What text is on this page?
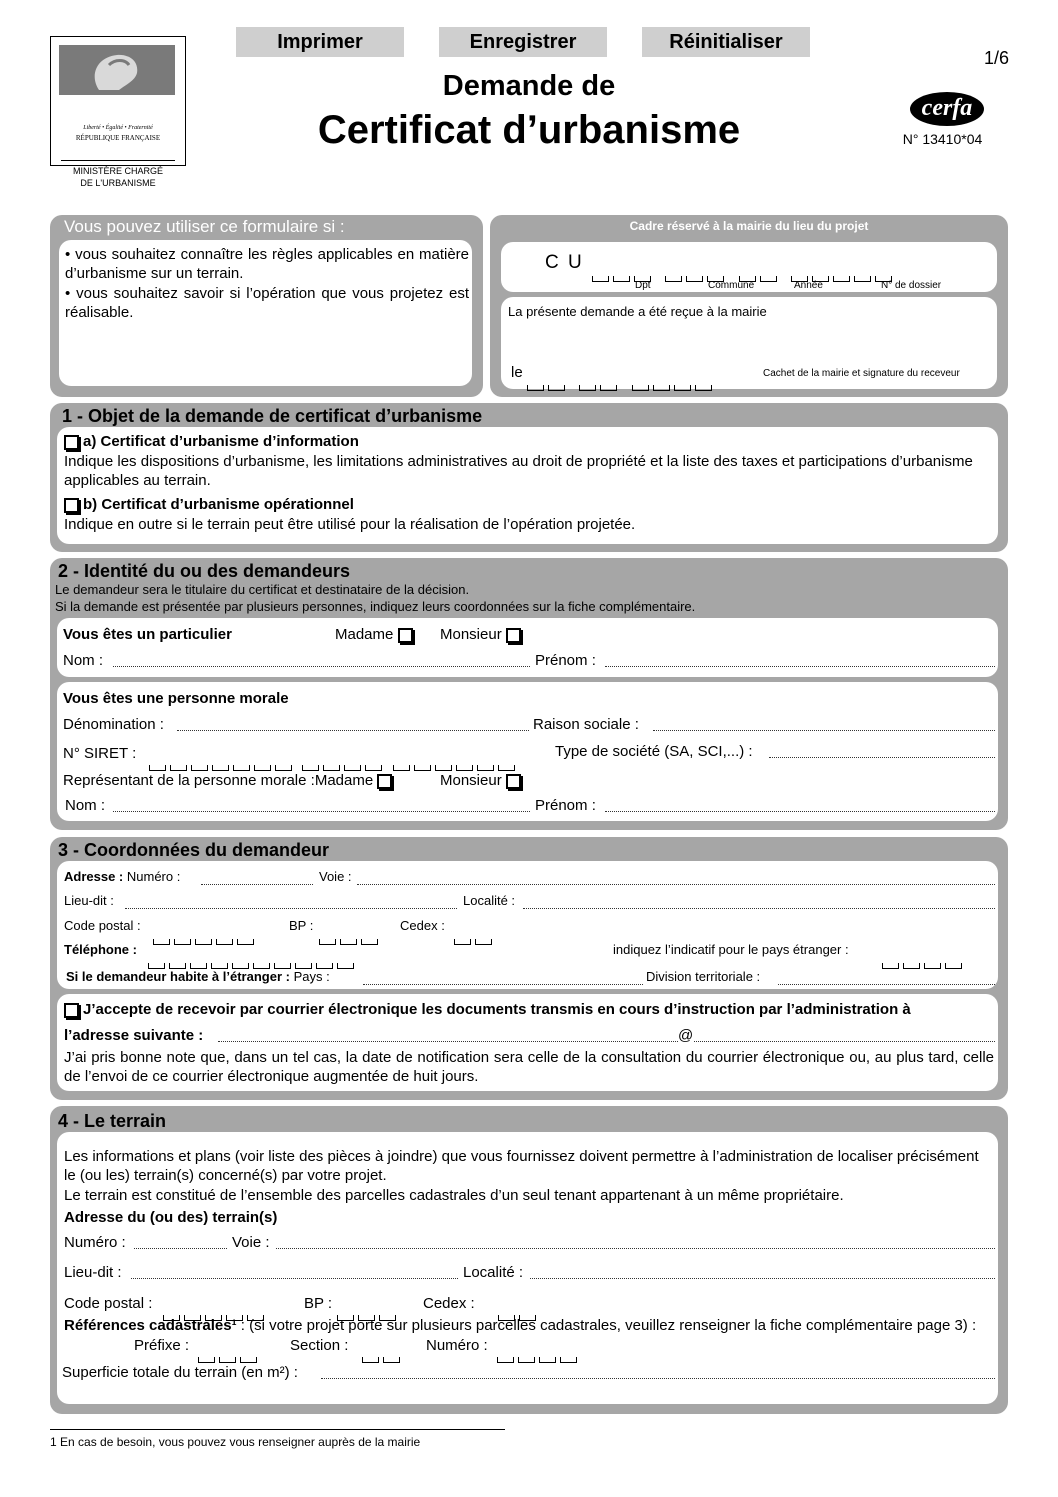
Liberté • Égalité • Fraternité
RÉPUBLIQUE FRANÇAISE
MINISTÈRE CHARGÉ
DE L'URBANISME
Imprimer	Enregistrer	Réinitialiser
Demande de
Certificat d’urbanisme
1/6
cerfa
N° 13410*04
Vous pouvez utiliser ce formulaire si :
• vous souhaitez connaître les règles applicables en matière d’urbanisme sur un terrain.
• vous souhaitez savoir si l’opération que vous projetez est réalisable.
Cadre réservé à la mairie du lieu du projet
C U

Dpt	Commune	Année	N° de dossier
La présente demande a été reçue à la mairie
le

	Cachet de la mairie et signature du receveur
1 - Objet de la demande de certificat d’urbanisme
a) Certificat d’urbanisme d’information
Indique les dispositions d’urbanisme, les limitations administratives au droit de propriété et la liste des taxes et participations d’urbanisme applicables au terrain.
b) Certificat d’urbanisme opérationnel
Indique en outre si le terrain peut être utilisé pour la réalisation de l’opération projetée.
2 - Identité du ou des demandeurs
Le demandeur sera le titulaire du certificat et destinataire de la décision.
Si la demande est présentée par plusieurs personnes, indiquez leurs coordonnées sur la fiche complémentaire.
Vous êtes un particulier	Madame	Monsieur
Nom :	Prénom :
Vous êtes une personne morale
Dénomination :	Raison sociale :
N° SIRET :

	Type de société (SA, SCI,...) :
Représentant de la personne morale :Madame	Monsieur
Nom :	Prénom :
3 - Coordonnées du demandeur
Adresse : Numéro :	Voie :
Lieu-dit :	Localité :
Code postal :	BP :	Cedex :
Téléphone :	indiquez l’indicatif pour le pays étranger :
Si le demandeur habite à l’étranger : Pays :	Division territoriale :
J’accepte de recevoir par courrier électronique les documents transmis en cours d’instruction par l’administration à
l’adresse suivante :	@
J’ai pris bonne note que, dans un tel cas, la date de notification sera celle de la consultation du courrier électronique ou, au plus tard, celle de l’envoi de ce courrier électronique augmentée de huit jours.
4 - Le terrain
Les informations et plans (voir liste des pièces à joindre) que vous fournissez doivent permettre à l’administration de localiser précisément le (ou les) terrain(s) concerné(s) par votre projet.
Le terrain est constitué de l’ensemble des parcelles cadastrales d’un seul tenant appartenant à un même propriétaire.
Adresse du (ou des) terrain(s)
Numéro :	Voie :
Lieu-dit :	Localité :
Code postal :	BP :	Cedex :
Références cadastrales¹ : (si votre projet porte sur plusieurs parcelles cadastrales, veuillez renseigner la fiche complémentaire page 3) :
Préfixe :	Section :	Numéro :
Superficie totale du terrain (en m²) :
1 En cas de besoin, vous pouvez vous renseigner auprès de la mairie
